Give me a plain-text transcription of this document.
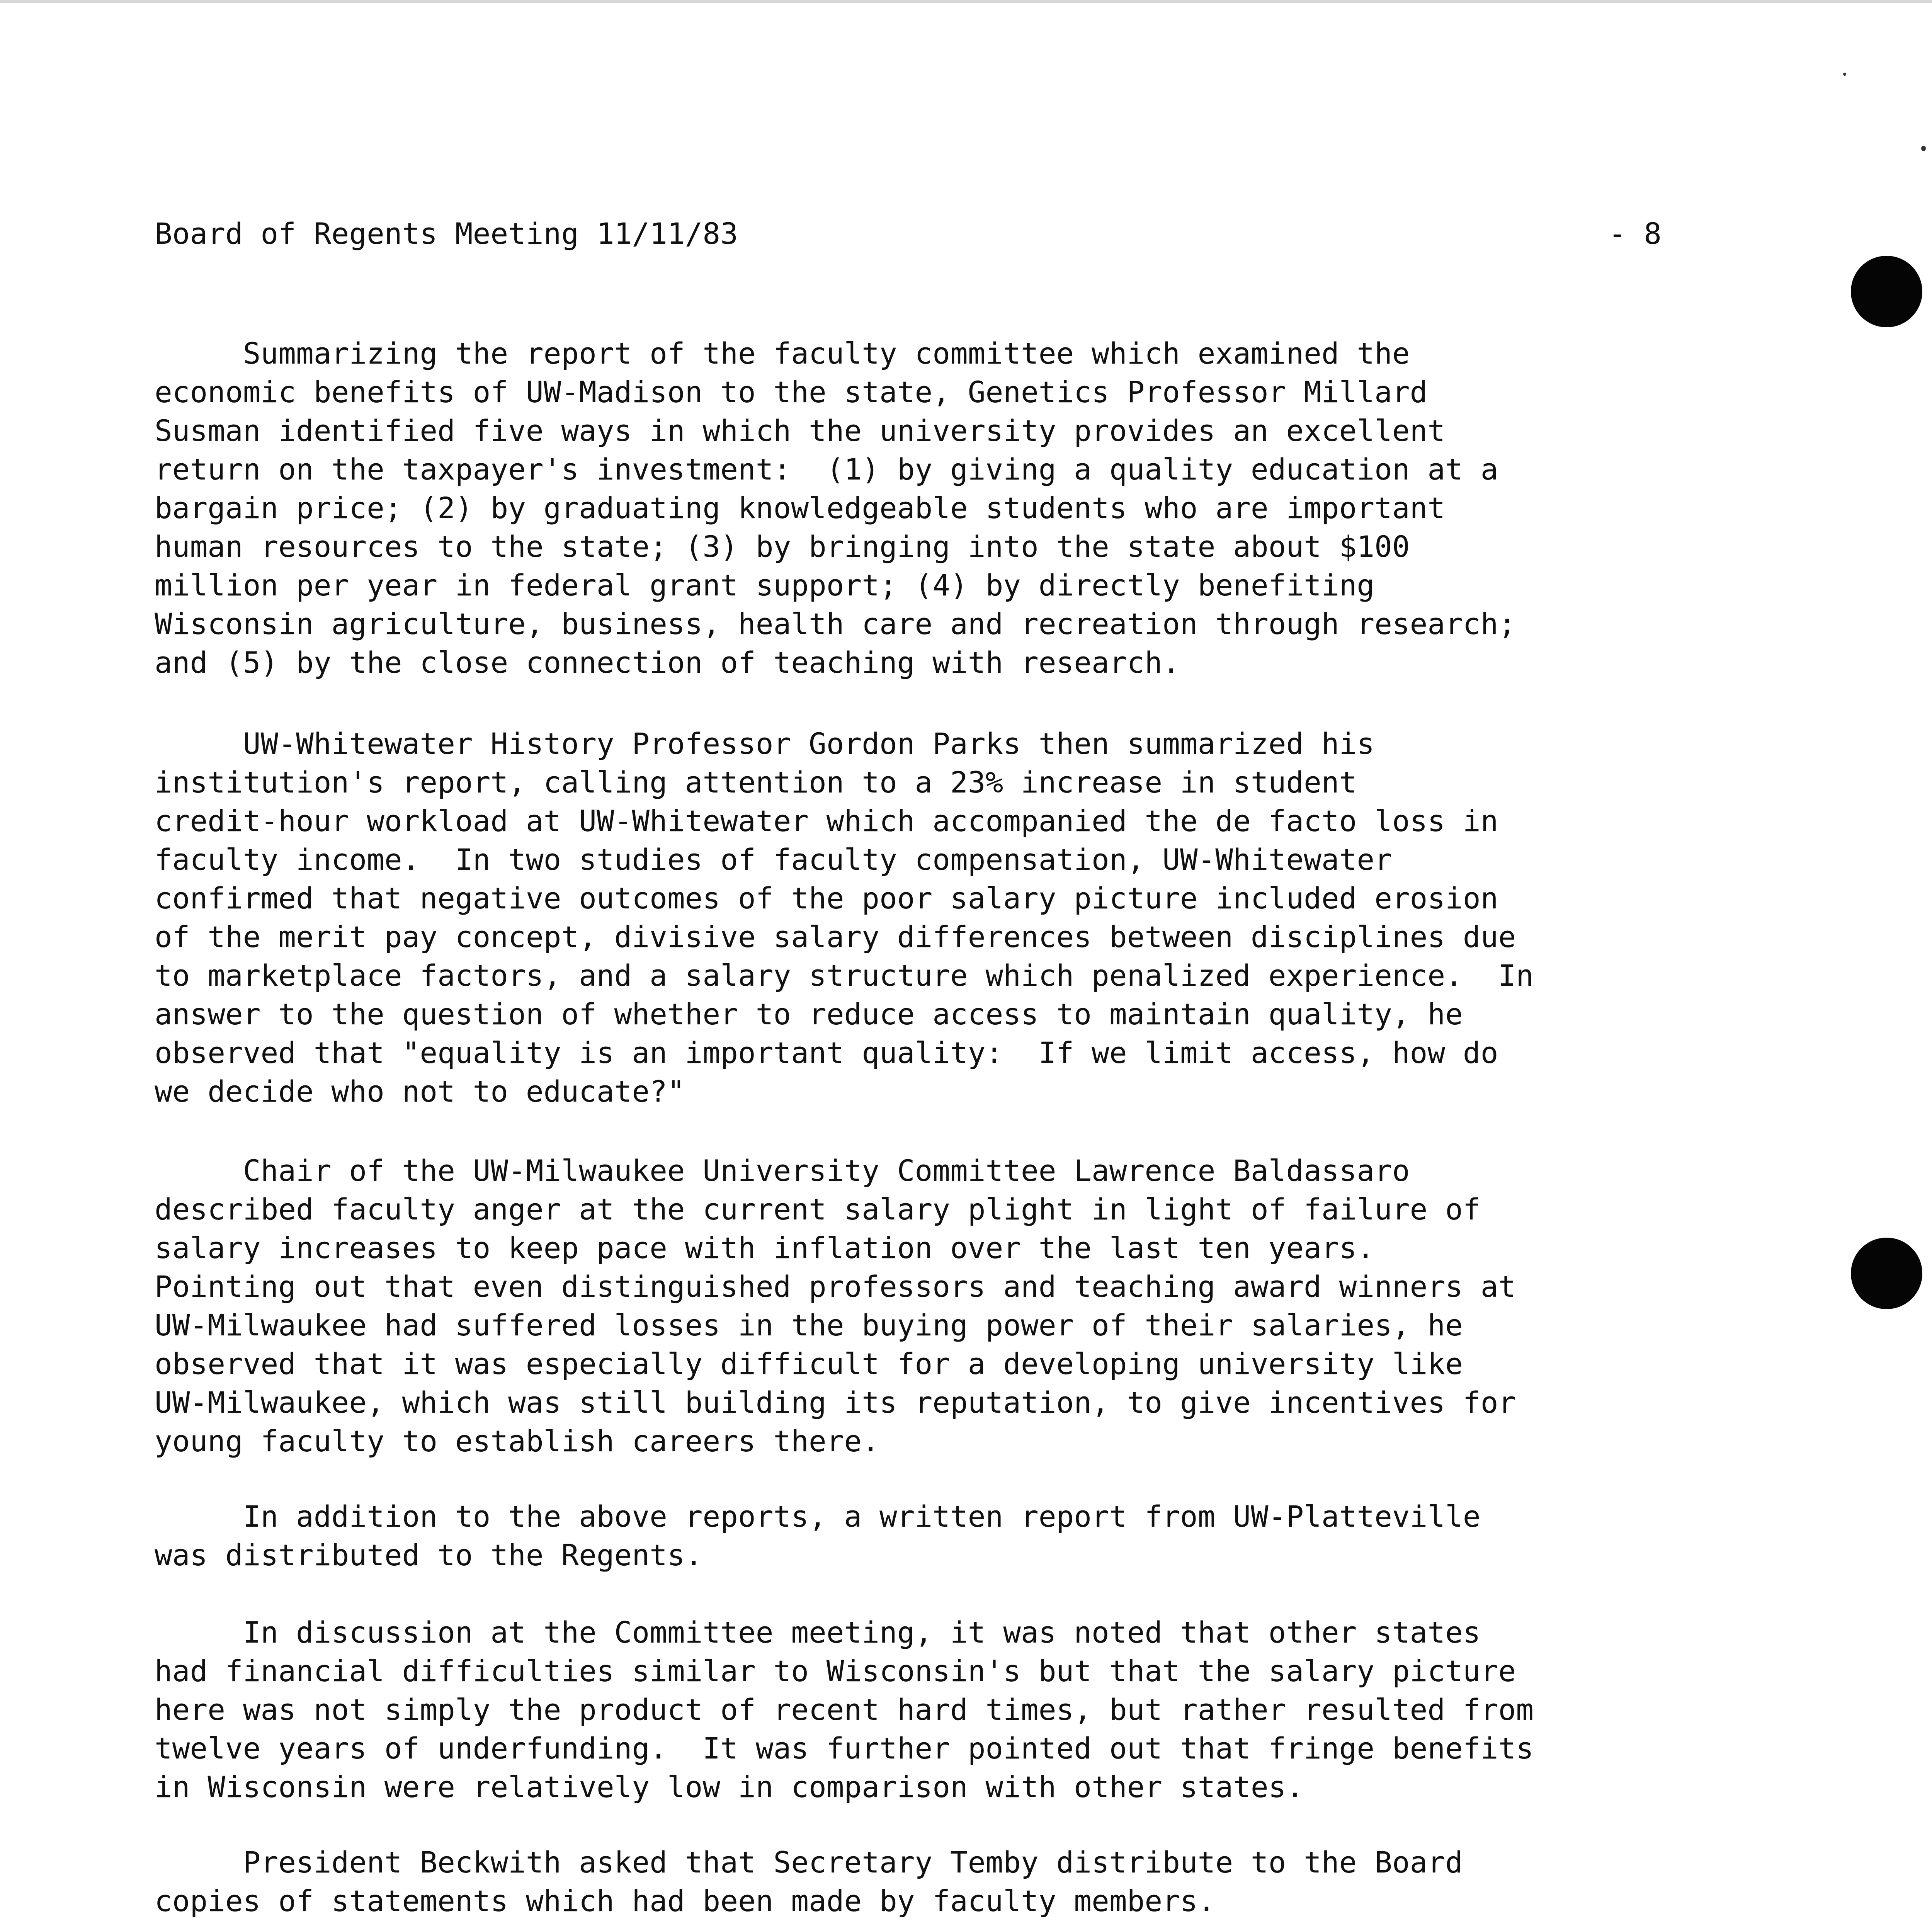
Board of Regents Meeting 11/11/83

	- 8

Summarizing the report of the faculty committee which examined the
economic benefits of UW-Madison to the state, Genetics Professor Millard
Susman identified five ways in which the university provides an excellent
return on the taxpayer's investment:  (1) by giving a quality education at a
bargain price; (2) by graduating knowledgeable students who are important
human resources to the state; (3) by bringing into the state about $100
million per year in federal grant support; (4) by directly benefiting
Wisconsin agriculture, business, health care and recreation through research;
and (5) by the close connection of teaching with research.
UW-Whitewater History Professor Gordon Parks then summarized his
institution's report, calling attention to a 23% increase in student
credit-hour workload at UW-Whitewater which accompanied the de facto loss in
faculty income.  In two studies of faculty compensation, UW-Whitewater
confirmed that negative outcomes of the poor salary picture included erosion
of the merit pay concept, divisive salary differences between disciplines due
to marketplace factors, and a salary structure which penalized experience.  In
answer to the question of whether to reduce access to maintain quality, he
observed that "equality is an important quality:  If we limit access, how do
we decide who not to educate?"
Chair of the UW-Milwaukee University Committee Lawrence Baldassaro
described faculty anger at the current salary plight in light of failure of
salary increases to keep pace with inflation over the last ten years.
Pointing out that even distinguished professors and teaching award winners at
UW-Milwaukee had suffered losses in the buying power of their salaries, he
observed that it was especially difficult for a developing university like
UW-Milwaukee, which was still building its reputation, to give incentives for
young faculty to establish careers there.
In addition to the above reports, a written report from UW-Platteville
was distributed to the Regents.
In discussion at the Committee meeting, it was noted that other states
had financial difficulties similar to Wisconsin's but that the salary picture
here was not simply the product of recent hard times, but rather resulted from
twelve years of underfunding.  It was further pointed out that fringe benefits
in Wisconsin were relatively low in comparison with other states.
President Beckwith asked that Secretary Temby distribute to the Board
copies of statements which had been made by faculty members.
